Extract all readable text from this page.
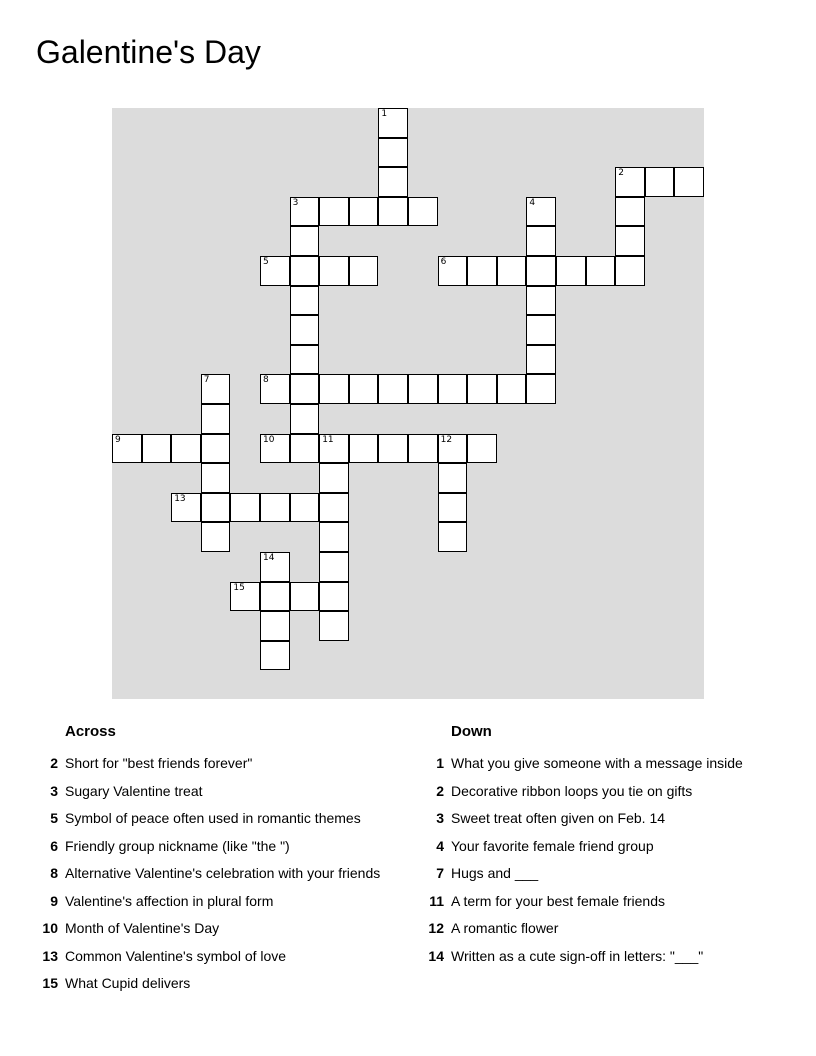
Galentine's Day
1
2
3	4
5	6
7	8
9	10	11	12
13
14
15
Across
2 Short for "best friends forever"
3 Sugary Valentine treat
5 Symbol of peace often used in romantic themes
6 Friendly group nickname (like "the ")
8 Alternative Valentine's celebration with your friends
9 Valentine's affection in plural form
10 Month of Valentine's Day
13 Common Valentine's symbol of love
15 What Cupid delivers
Down
1 What you give someone with a message inside
2 Decorative ribbon loops you tie on gifts
3 Sweet treat often given on Feb. 14
4 Your favorite female friend group
7 Hugs and ___
11 A term for your best female friends
12 A romantic flower
14 Written as a cute sign-off in letters: "___"
